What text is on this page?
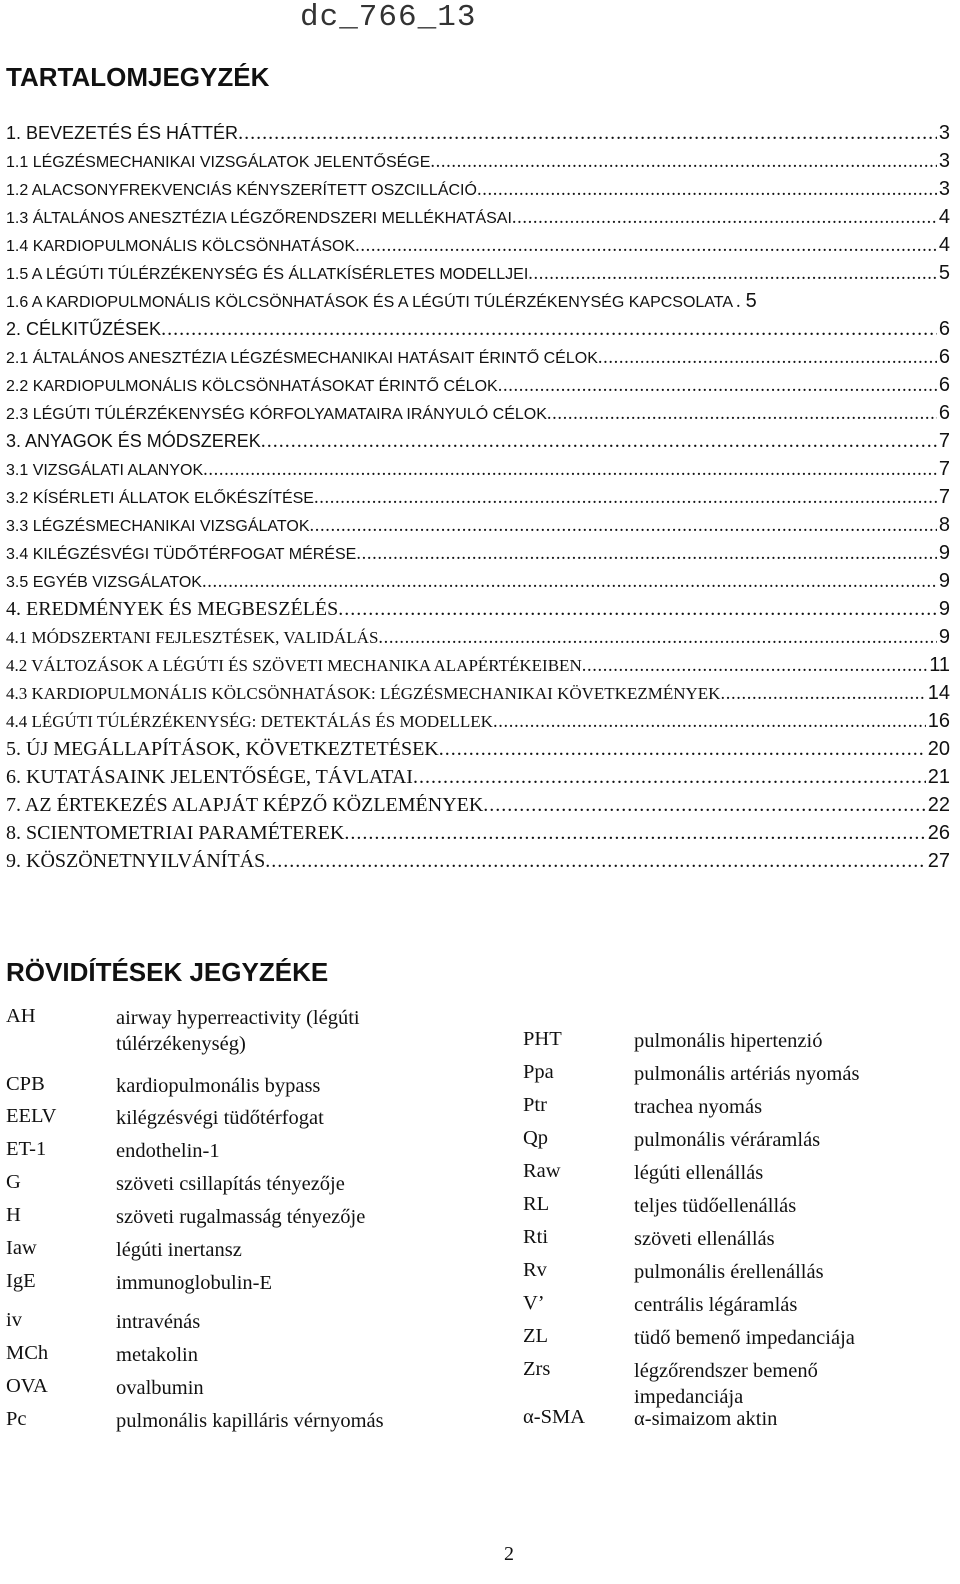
dc_766_13
TARTALOMJEGYZÉK
1. BEVEZETÉS ÉS HÁTTÉR . . .	3
1.1 LÉGZÉSMECHANIKAI VIZSGÁLATOK JELENTŐSÉGE . . .	3
1.2 ALACSONYFREKVENCIÁS KÉNYSZERÍTETT OSZCILLÁCIÓ . . .	3
1.3 ÁLTALÁNOS ANESZTÉZIA LÉGZŐRENDSZERI MELLÉKHATÁSAI . . .	4
1.4 KARDIOPULMONÁLIS KÖLCSÖNHATÁSOK . . .	4
1.5 A LÉGÚTI TÚLÉRZÉKENYSÉG ÉS ÁLLATKÍSÉRLETES MODELLJEI . . .	5
1.6 A KARDIOPULMONÁLIS KÖLCSÖNHATÁSOK ÉS A LÉGÚTI TÚLÉRZÉKENYSÉG KAPCSOLATA . 5
2. CÉLKITŰZÉSEK . . .	6
2.1 ÁLTALÁNOS ANESZTÉZIA LÉGZÉSMECHANIKAI HATÁSAIT ÉRINTŐ CÉLOK . . .	6
2.2 KARDIOPULMONÁLIS KÖLCSÖNHATÁSOKAT ÉRINTŐ CÉLOK . . .	6
2.3 LÉGÚTI TÚLÉRZÉKENYSÉG KÓRFOLYAMATAIRA IRÁNYULÓ CÉLOK . . .	6
3. ANYAGOK ÉS MÓDSZEREK . . .	7
3.1 VIZSGÁLATI ALANYOK . . .	7
3.2 KÍSÉRLETI ÁLLATOK ELŐKÉSZÍTÉSE . . .	7
3.3 LÉGZÉSMECHANIKAI VIZSGÁLATOK . . .	8
3.4 KILÉGZÉSVÉGI TÜDŐTÉRFOGAT MÉRÉSE . . .	9
3.5 EGYÉB VIZSGÁLATOK . . .	9
4. EREDMÉNYEK ÉS MEGBESZÉLÉS . . .	9
4.1 MÓDSZERTANI FEJLESZTÉSEK, VALIDÁLÁS . . .	9
4.2 VÁLTOZÁSOK A LÉGÚTI ÉS SZÖVETI MECHANIKA ALAPÉRTÉKEIBEN . . .	11
4.3 KARDIOPULMONÁLIS KÖLCSÖNHATÁSOK: LÉGZÉSMECHANIKAI KÖVETKEZMÉNYEK . . .	14
4.4 LÉGÚTI TÚLÉRZÉKENYSÉG: DETEKTÁLÁS ÉS MODELLEK . . .	16
5. ÚJ MEGÁLLAPÍTÁSOK, KÖVETKEZTETÉSEK . . .	20
6. KUTATÁSAINK JELENTŐSÉGE, TÁVLATAI . . .	21
7. AZ ÉRTEKEZÉS ALAPJÁT KÉPZŐ KÖZLEMÉNYEK . . .	22
8. SCIENTOMETRIAI PARAMÉTEREK . . .	26
9. KÖSZÖNETNYILVÁNÍTÁS . . .	27
RÖVIDÍTÉSEK JEGYZÉKE
AH	airway hyperreactivity (légúti túlérzékenység)
CPB	kardiopulmonális bypass
EELV	kilégzésvégi tüdőtérfogat
ET-1	endothelin-1
G	szöveti csillapítás tényezője
H	szöveti rugalmasság tényezője
Iaw	légúti inertansz
IgE	immunoglobulin-E
iv	intravénás
MCh	metakolin
OVA	ovalbumin
Pc	pulmonális kapilláris vérnyomás
PHT	pulmonális hipertenzió
Ppa	pulmonális artériás nyomás
Ptr	trachea nyomás
Qp	pulmonális véráramlás
Raw	légúti ellenállás
RL	teljes tüdőellenállás
Rti	szöveti ellenállás
Rv	pulmonális érellenállás
V’	centrális légáramlás
ZL	tüdő bemenő impedanciája
Zrs	légzőrendszer bemenő impedanciája
α-SMA α-simaizom aktin
2
